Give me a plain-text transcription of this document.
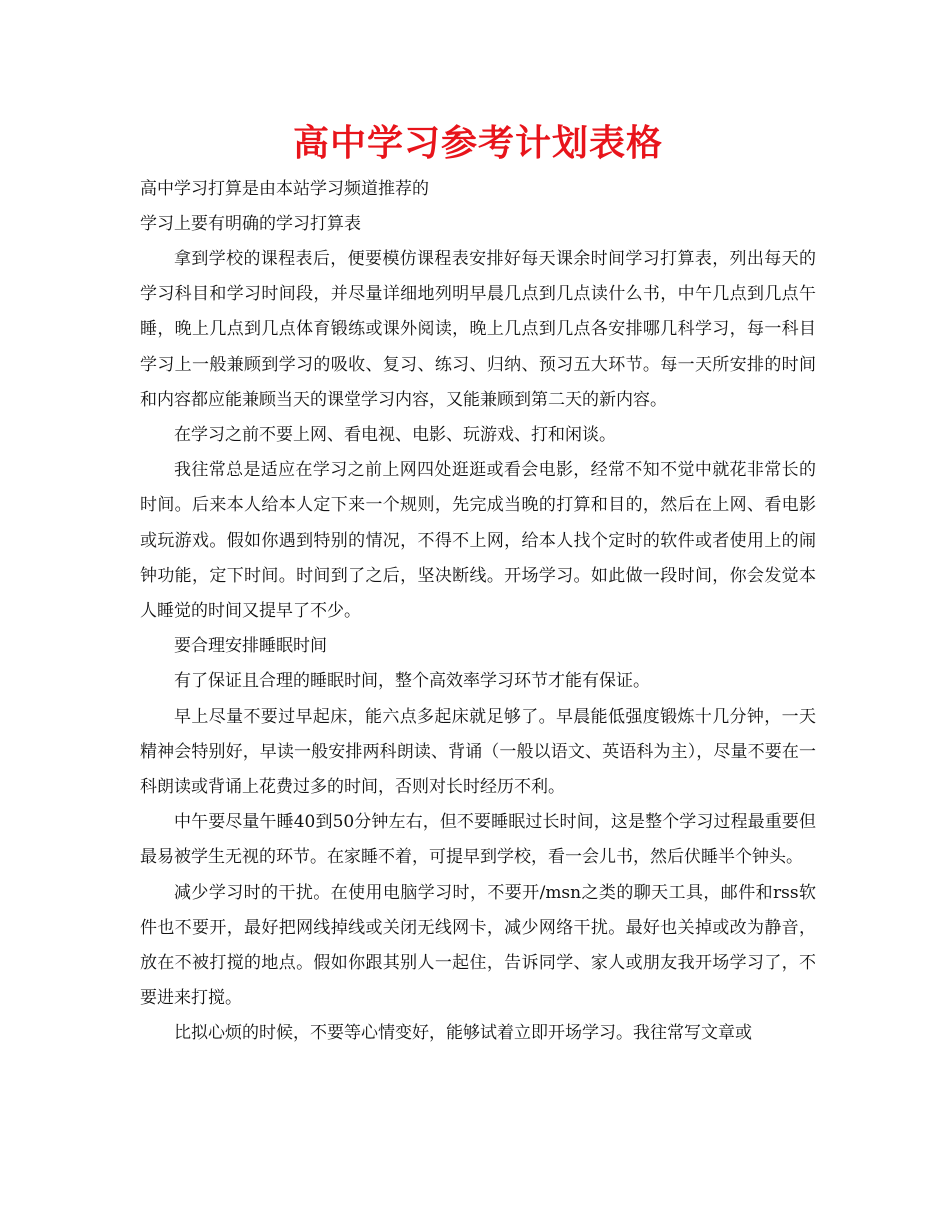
高中学习参考计划表格

高中学习打算是由本站学习频道推荐的

学习上要有明确的学习打算表

拿到学校的课程表后，便要模仿课程表安排好每天课余时间学习打算表，列出每天的学习科目和学习时间段，并尽量详细地列明早晨几点到几点读什么书，中午几点到几点午睡，晚上几点到几点体育锻练或课外阅读，晚上几点到几点各安排哪几科学习，每一科目学习上一般兼顾到学习的吸收、复习、练习、归纳、预习五大环节。每一天所安排的时间和内容都应能兼顾当天的课堂学习内容，又能兼顾到第二天的新内容。

在学习之前不要上网、看电视、电影、玩游戏、打和闲谈。

我往常总是适应在学习之前上网四处逛逛或看会电影，经常不知不觉中就花非常长的时间。后来本人给本人定下来一个规则，先完成当晚的打算和目的，然后在上网、看电影或玩游戏。假如你遇到特别的情况，不得不上网，给本人找个定时的软件或者使用上的闹钟功能，定下时间。时间到了之后，坚决断线。开场学习。如此做一段时间，你会发觉本人睡觉的时间又提早了不少。

要合理安排睡眠时间

有了保证且合理的睡眠时间，整个高效率学习环节才能有保证。

早上尽量不要过早起床，能六点多起床就足够了。早晨能低强度锻炼十几分钟，一天精神会特别好，早读一般安排两科朗读、背诵（一般以语文、英语科为主），尽量不要在一科朗读或背诵上花费过多的时间，否则对长时经历不利。

中午要尽量午睡40到50分钟左右，但不要睡眠过长时间，这是整个学习过程最重要但最易被学生无视的环节。在家睡不着，可提早到学校，看一会儿书，然后伏睡半个钟头。

减少学习时的干扰。在使用电脑学习时，不要开/msn之类的聊天工具，邮件和rss软件也不要开，最好把网线掉线或关闭无线网卡，减少网络干扰。最好也关掉或改为静音，放在不被打搅的地点。假如你跟其别人一起住，告诉同学、家人或朋友我开场学习了，不要进来打搅。

比拟心烦的时候，不要等心情变好，能够试着立即开场学习。我往常写文章或
